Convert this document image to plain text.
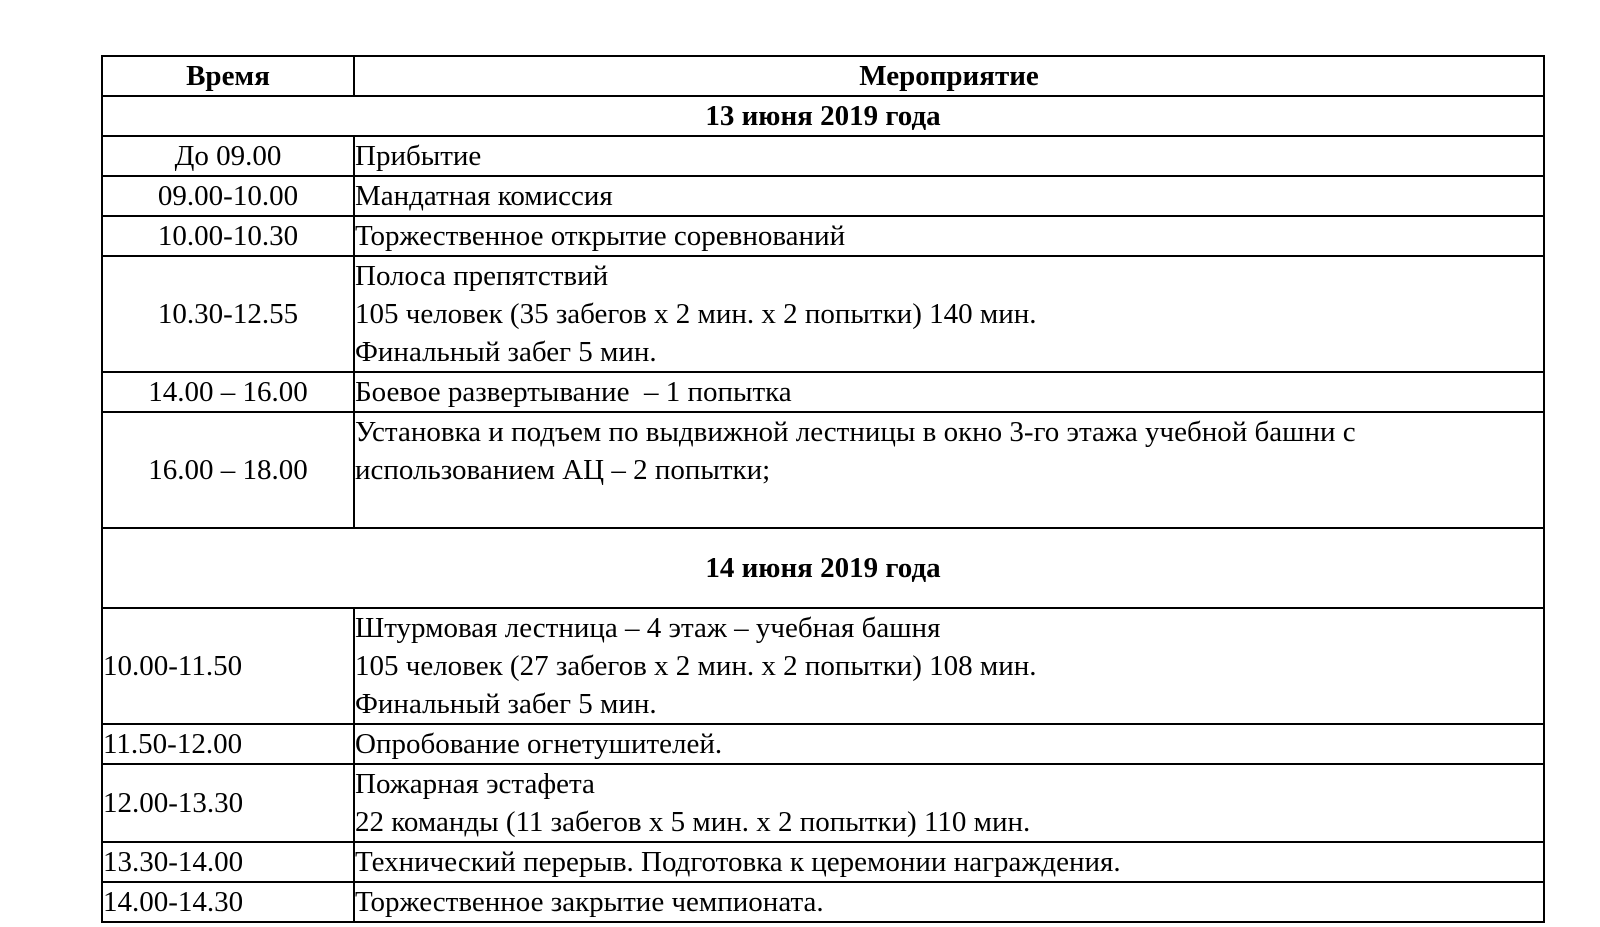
Время	Мероприятие
13 июня 2019 года	
До 09.00	Прибытие

09.00-10.00	Мандатная комиссия

10.00-10.30	Торжественное открытие соревнований

10.30-12.55	Полоса препятствий
105 человек (35 забегов х 2 мин. х 2 попытки) 140 мин.
Финальный забег 5 мин.

14.00 – 16.00	Боевое развертывание  – 1 попытка

16.00 – 18.00	Установка и подъем по выдвижной лестницы в окно 3-го этажа учебной башни с использованием АЦ – 2 попытки;
14 июня 2019 года	
10.00-11.50	Штурмовая лестница – 4 этаж – учебная башня
105 человек (27 забегов х 2 мин. х 2 попытки) 108 мин.
Финальный забег 5 мин.

11.50-12.00	Опробование огнетушителей.

12.00-13.30	Пожарная эстафета
22 команды (11 забегов х 5 мин. х 2 попытки) 110 мин.

13.30-14.00	Технический перерыв. Подготовка к церемонии награждения.

14.00-14.30	Торжественное закрытие чемпионата.
